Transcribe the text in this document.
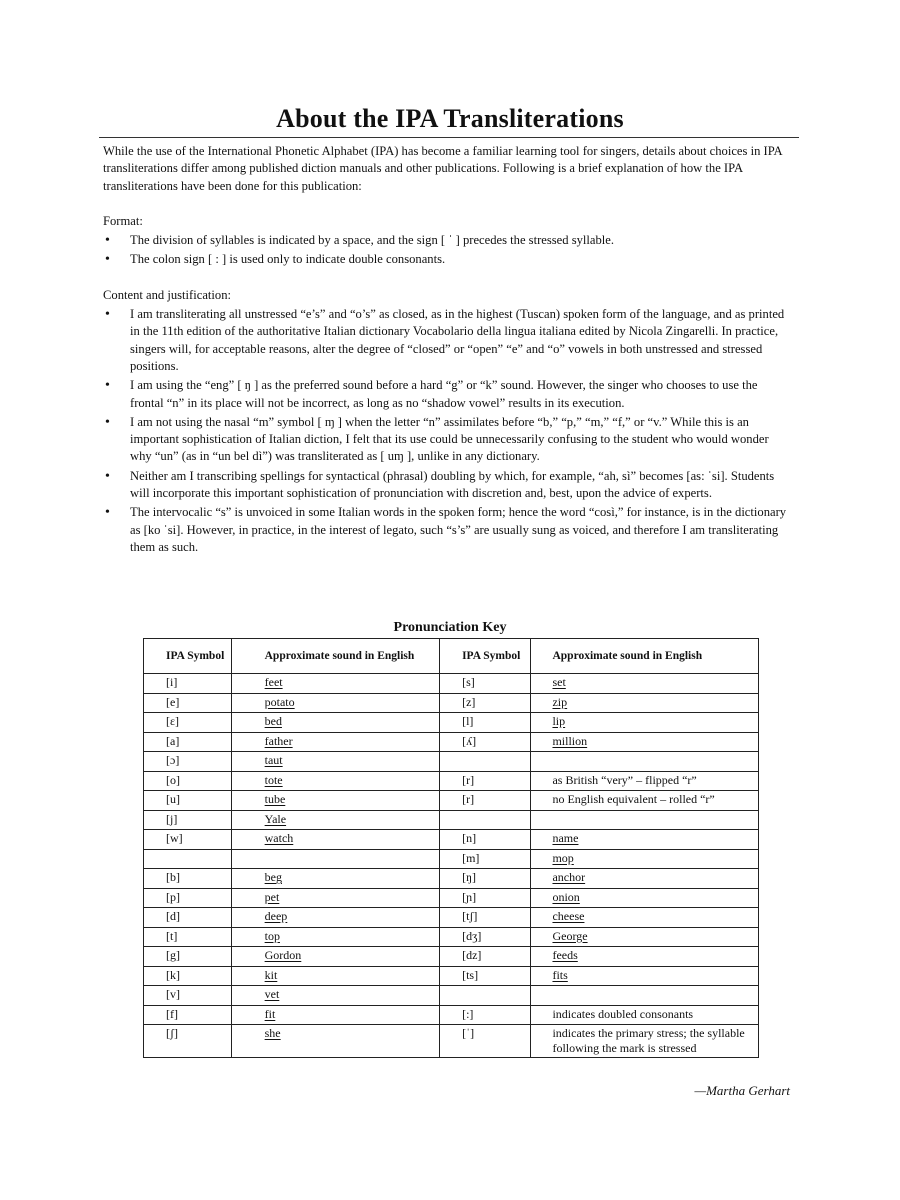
About the IPA Transliterations

While the use of the International Phonetic Alphabet (IPA) has become a familiar learning tool for singers, details about choices in IPA transliterations differ among published diction manuals and other publications. Following is a brief explanation of how the IPA transliterations have been done for this publication:

Format:

• The division of syllables is indicated by a space, and the sign [ ˈ ] precedes the stressed syllable.
• The colon sign [ : ] is used only to indicate double consonants.

Content and justification:

• I am transliterating all unstressed “e’s” and “o’s” as closed, as in the highest (Tuscan) spoken form of the language, and as printed in the 11th edition of the authoritative Italian dictionary Vocabolario della lingua italiana edited by Nicola Zingarelli. In practice, singers will, for acceptable reasons, alter the degree of “closed” or “open” “e” and “o” vowels in both unstressed and stressed positions.
• I am using the “eng” [ ŋ ] as the preferred sound before a hard “g” or “k” sound. However, the singer who chooses to use the frontal “n” in its place will not be incorrect, as long as no “shadow vowel” results in its execution.
• I am not using the nasal “m” symbol [ ɱ ] when the letter “n” assimilates before “b,” “p,” “m,” “f,” or “v.” While this is an important sophistication of Italian diction, I felt that its use could be unnecessarily confusing to the student who would wonder why “un” (as in “un bel dì”) was transliterated as [ uɱ ], unlike in any dictionary.
• Neither am I transcribing spellings for syntactical (phrasal) doubling by which, for example, “ah, sì” becomes [as: ˈsi]. Students will incorporate this important sophistication of pronunciation with discretion and, best, upon the advice of experts.
• The intervocalic “s” is unvoiced in some Italian words in the spoken form; hence the word “così,” for instance, is in the dictionary as [ko ˈsi]. However, in practice, in the interest of legato, such “s’s” are usually sung as voiced, and therefore I am transliterating them as such.
Pronunciation Key
IPA Symbol	Approximate sound in English	IPA Symbol	Approximate sound in English
[i]	feet	[s]	set
[e]	potato	[z]	zip
[ɛ]	bed	[l]	lip
[a]	father	[ʎ]	million
[ɔ]	taut		
[o]	tote	[r]	as British “very” – flipped “r”
[u]	tube	[r]	no English equivalent – rolled “r”
[j]	Yale		
[w]	watch	[n]	name
		[m]	mop
[b]	beg	[ŋ]	anchor
[p]	pet	[ɲ]	onion
[d]	deep	[tʃ]	cheese
[t]	top	[dʒ]	George
[g]	Gordon	[dz]	feeds
[k]	kit	[ts]	fits
[v]	vet		
[f]	fit	[:]	indicates doubled consonants
[ʃ]	she	[ˈ]	indicates the primary stress; the syllable following the mark is stressed
—Martha Gerhart
